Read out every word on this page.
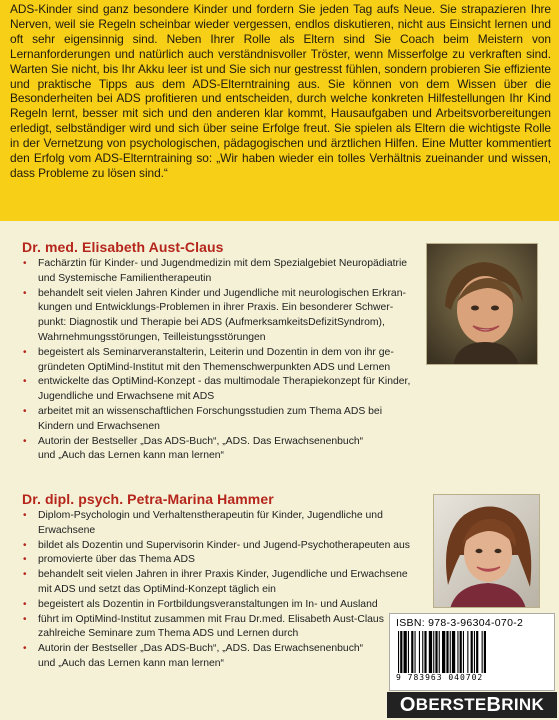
ADS-Kinder sind ganz besondere Kinder und fordern Sie jeden Tag aufs Neue. Sie strapazieren Ihre Nerven, weil sie Regeln scheinbar wieder vergessen, endlos diskutieren, nicht aus Einsicht lernen und oft sehr eigensinnig sind. Neben Ihrer Rolle als Eltern sind Sie Coach beim Meistern von Lernanforderungen und natürlich auch verständnisvoller Tröster, wenn Misserfolge zu verkraften sind. Warten Sie nicht, bis Ihr Akku leer ist und Sie sich nur gestresst fühlen, sondern probieren Sie effiziente und praktische Tipps aus dem ADS-Elterntraining aus. Sie können von dem Wissen über die Besonderheiten bei ADS profitieren und entscheiden, durch welche konkreten Hilfestellungen Ihr Kind Regeln lernt, besser mit sich und den anderen klar kommt, Hausaufgaben und Arbeitsvorbereitungen erledigt, selbständiger wird und sich über seine Erfolge freut. Sie spielen als Eltern die wichtigste Rolle in der Vernetzung von psychologischen, pädagogischen und ärztlichen Hilfen. Eine Mutter kommentiert den Erfolg vom ADS-Elterntraining so: „Wir haben wieder ein tolles Verhältnis zueinander und wissen, dass Probleme zu lösen sind.“

Dr. med. Elisabeth Aust-Claus
• Fachärztin für Kinder- und Jugendmedizin mit dem Spezialgebiet Neuropädiatrie
und Systemische Familientherapeutin
• behandelt seit vielen Jahren Kinder und Jugendliche mit neurologischen Erkran-
kungen und Entwicklungs-Problemen in ihrer Praxis. Ein besonderer Schwer-
punkt: Diagnostik und Therapie bei ADS (AufmerksamkeitsDefizitSyndrom),
Wahrnehmungsstörungen, Teilleistungsstörungen
• begeistert als Seminarveranstalterin, Leiterin und Dozentin in dem von ihr ge-
gründeten OptiMind-Institut mit den Themenschwerpunkten ADS und Lernen
• entwickelte das OptiMind-Konzept - das multimodale Therapiekonzept für Kinder,
Jugendliche und Erwachsene mit ADS
• arbeitet mit an wissenschaftlichen Forschungsstudien zum Thema ADS bei
Kindern und Erwachsenen
• Autorin der Bestseller „Das ADS-Buch“, „ADS. Das Erwachsenenbuch“
und „Auch das Lernen kann man lernen“
Dr. dipl. psych. Petra-Marina Hammer
• Diplom-Psychologin und Verhaltenstherapeutin für Kinder, Jugendliche und
Erwachsene
• bildet als Dozentin und Supervisorin Kinder- und Jugend-Psychotherapeuten aus
• promovierte über das Thema ADS
• behandelt seit vielen Jahren in ihrer Praxis Kinder, Jugendliche und Erwachsene
mit ADS und setzt das OptiMind-Konzept täglich ein
• begeistert als Dozentin in Fortbildungsveranstaltungen im In- und Ausland
• führt im OptiMind-Institut zusammen mit Frau Dr.med. Elisabeth Aust-Claus
zahlreiche Seminare zum Thema ADS und Lernen durch
• Autorin der Bestseller „Das ADS-Buch“, „ADS. Das Erwachsenenbuch“
und „Auch das Lernen kann man lernen“
ISBN: 978-3-96304-070-2
9 783963 040702
O BERSTE B RINK
